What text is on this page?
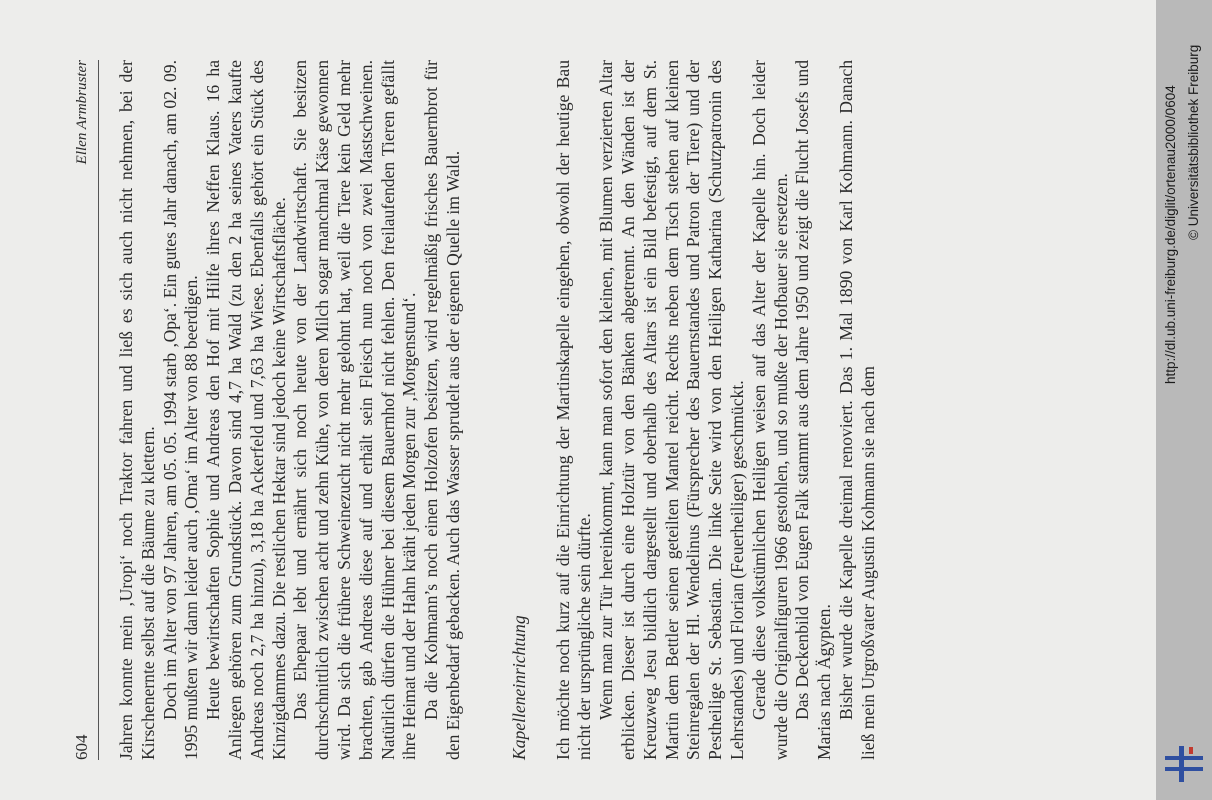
604
Ellen Armbruster Jahren konnte mein ‚Uropi‘ noch Traktor fahren und ließ es sich auch nicht nehmen, bei der Kirschenernte selbst auf die Bäume zu klettern. Doch im Alter von 97 Jahren, am 05. 05. 1994 starb ‚Opa‘. Ein gutes Jahr danach, am 02. 09. 1995 mußten wir dann leider auch ‚Oma‘ im Alter von 88 beerdigen. Heute bewirtschaften Sophie und Andreas den Hof mit Hilfe ihres Neffen Klaus. 16 ha Anliegen gehören zum Grundstück. Davon sind 4,7 ha Wald (zu den 2 ha seines Vaters kaufte Andreas noch 2,7 ha hinzu), 3,18 ha Ackerfeld und 7,63 ha Wiese. Ebenfalls gehört ein Stück des Kinzigdammes dazu. Die restlichen Hektar sind jedoch keine Wirtschaftsfläche. Das Ehepaar lebt und ernährt sich noch heute von der Landwirtschaft. Sie besitzen durchschnittlich zwischen acht und zehn Kühe, von deren Milch sogar manchmal Käse gewonnen wird. Da sich die frühere Schweinezucht nicht mehr gelohnt hat, weil die Tiere kein Geld mehr brachten, gab Andreas diese auf und erhält sein Fleisch nun noch von zwei Mastschweinen. Natürlich dürfen die Hühner bei diesem Bauernhof nicht fehlen. Den freilaufenden Tieren gefällt ihre Heimat und der Hahn kräht jeden Morgen zur ‚Morgenstund‘. Da die Kohmann’s noch einen Holzofen besitzen, wird regelmäßig frisches Bauernbrot für den Eigenbedarf gebacken. Auch das Wasser sprudelt aus der eigenen Quelle im Wald.	Kapelleneinrichtung Ich möchte noch kurz auf die Einrichtung der Martinskapelle eingehen, obwohl der heutige Bau nicht der ursprüngliche sein dürfte. Wenn man zur Tür hereinkommt, kann man sofort den kleinen, mit Blumen verzierten Altar erblicken. Dieser ist durch eine Holztür von den Bänken abgetrennt. An den Wänden ist der Kreuzweg Jesu bildlich dargestellt und oberhalb des Altars ist ein Bild befestigt, auf dem St. Martin dem Bettler seinen geteilten Mantel reicht. Rechts neben dem Tisch stehen auf kleinen Steinregalen der Hl. Wendelinus (Fürsprecher des Bauernstandes und Patron der Tiere) und der Pestheilige St. Sebastian. Die linke Seite wird von den Heiligen Katharina (Schutzpatronin des Lehrstandes) und Florian (Feuerheiliger) geschmückt. Gerade diese volkstümlichen Heiligen weisen auf das Alter der Kapelle hin. Doch leider wurde die Originalfiguren 1966 gestohlen, und so mußte der Hofbauer sie ersetzen. Das Deckenbild von Eugen Falk stammt aus dem Jahre 1950 und zeigt die Flucht Josefs und Marias nach Ägypten. Bisher wurde die Kapelle dreimal renoviert. Das 1. Mal 1890 von Karl Kohmann. Danach ließ mein Urgroßvater Augustin Kohmann sie nach dem

http://dl.ub.uni-freiburg.de/diglit/ortenau2000/0604 © Universitätsbibliothek Freiburg
